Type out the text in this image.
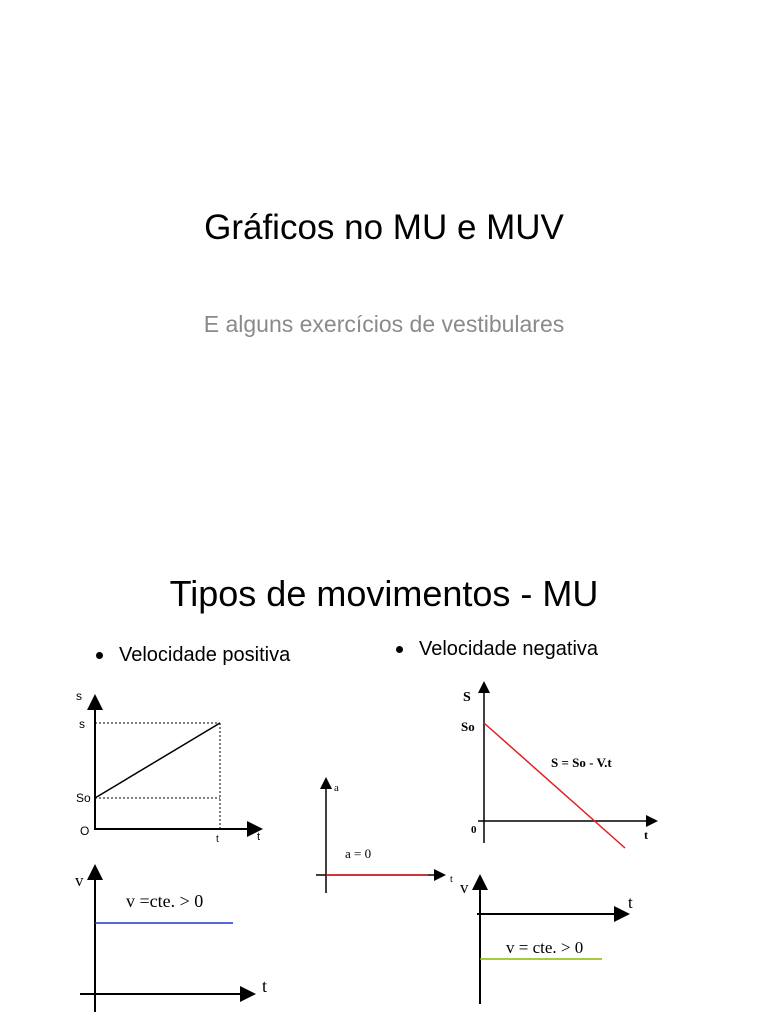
Gráficos no MU e MUV
E alguns exercícios de vestibulares
Tipos de movimentos - MU
Velocidade positiva	Velocidade negativa
s
s
So
O
t	t
v
v =cte. > 0
t
a
a = 0
t
S
So
0
S = So - V.t
t
v
v = cte. > 0
t
